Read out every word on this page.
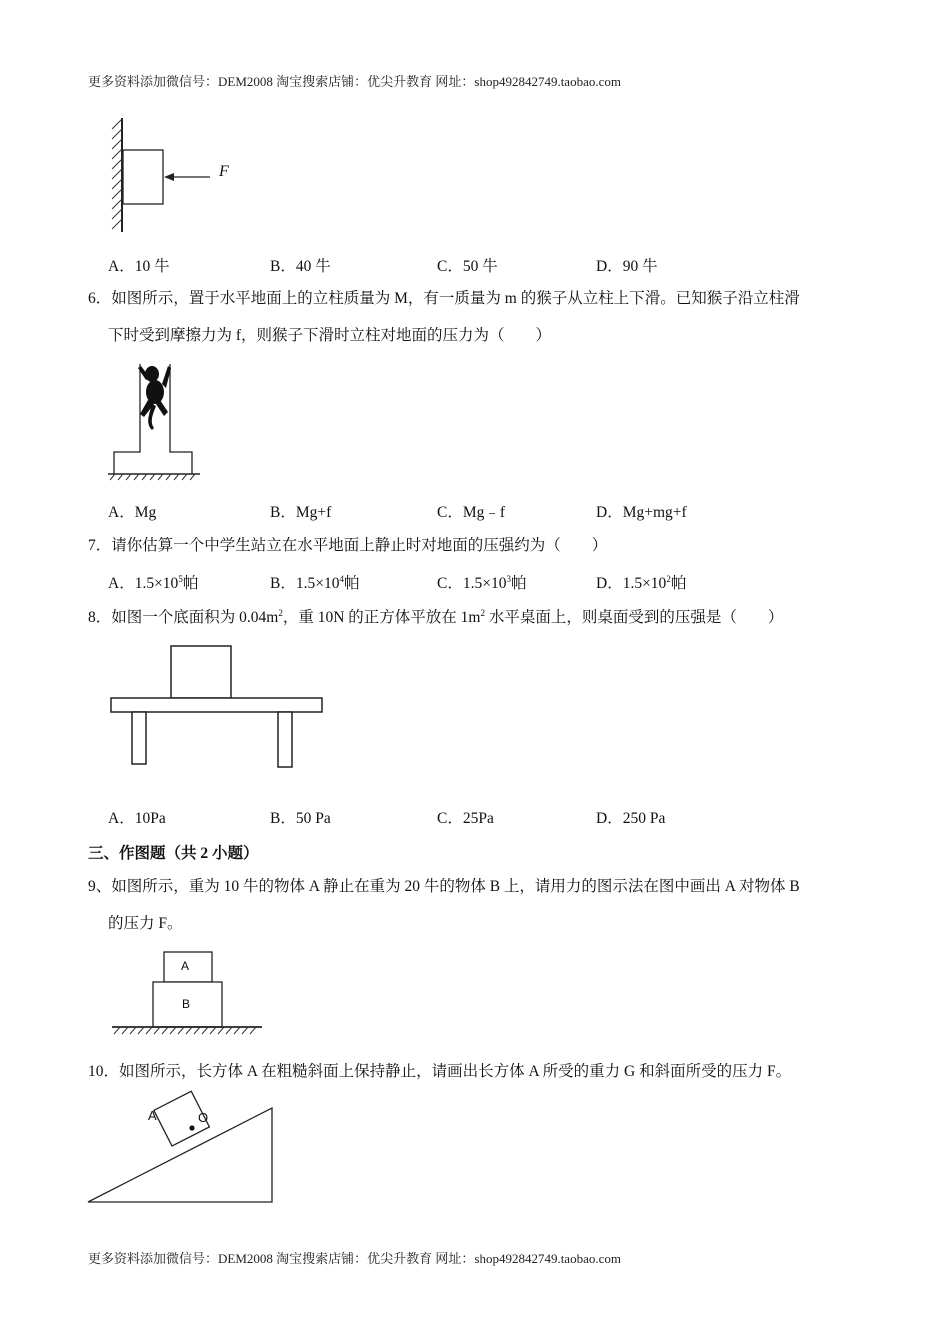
更多资料添加微信号：DEM2008 淘宝搜索店铺：优尖升教育 网址：shop492842749.taobao.com
F
A．10 牛	B．40 牛	C．50 牛	D．90 牛
6．如图所示，置于水平地面上的立柱质量为 M，有一质量为 m 的猴子从立柱上下滑。已知猴子沿立柱滑
下时受到摩擦力为 f，则猴子下滑时立柱对地面的压力为（　　）
A．Mg	B．Mg+f	C．Mg﹣f	D．Mg+mg+f
7．请你估算一个中学生站立在水平地面上静止时对地面的压强约为（　　）
A．$1.5\times 10^5$帕	B．$1.5\times 10^4$帕	C．$1.5\times 10^3$帕	D．$1.5\times 10^2$帕
8．如图一个底面积为 $0.04m^2$，重 10N 的正方体平放在 $1m^2$ 水平桌面上，则桌面受到的压强是（　　）
A．10Pa	B．50 Pa	C．25Pa	D．250 Pa
三、作图题（共 2 小题）
9、如图所示，重为 10 牛的物体 A 静止在重为 20 牛的物体 B 上，请用力的图示法在图中画出 A 对物体 B
的压力 F。
A
B
10．如图所示，长方体 A 在粗糙斜面上保持静止，请画出长方体 A 所受的重力 G 和斜面所受的压力 F。
A	O
更多资料添加微信号：DEM2008 淘宝搜索店铺：优尖升教育 网址：shop492842749.taobao.com
